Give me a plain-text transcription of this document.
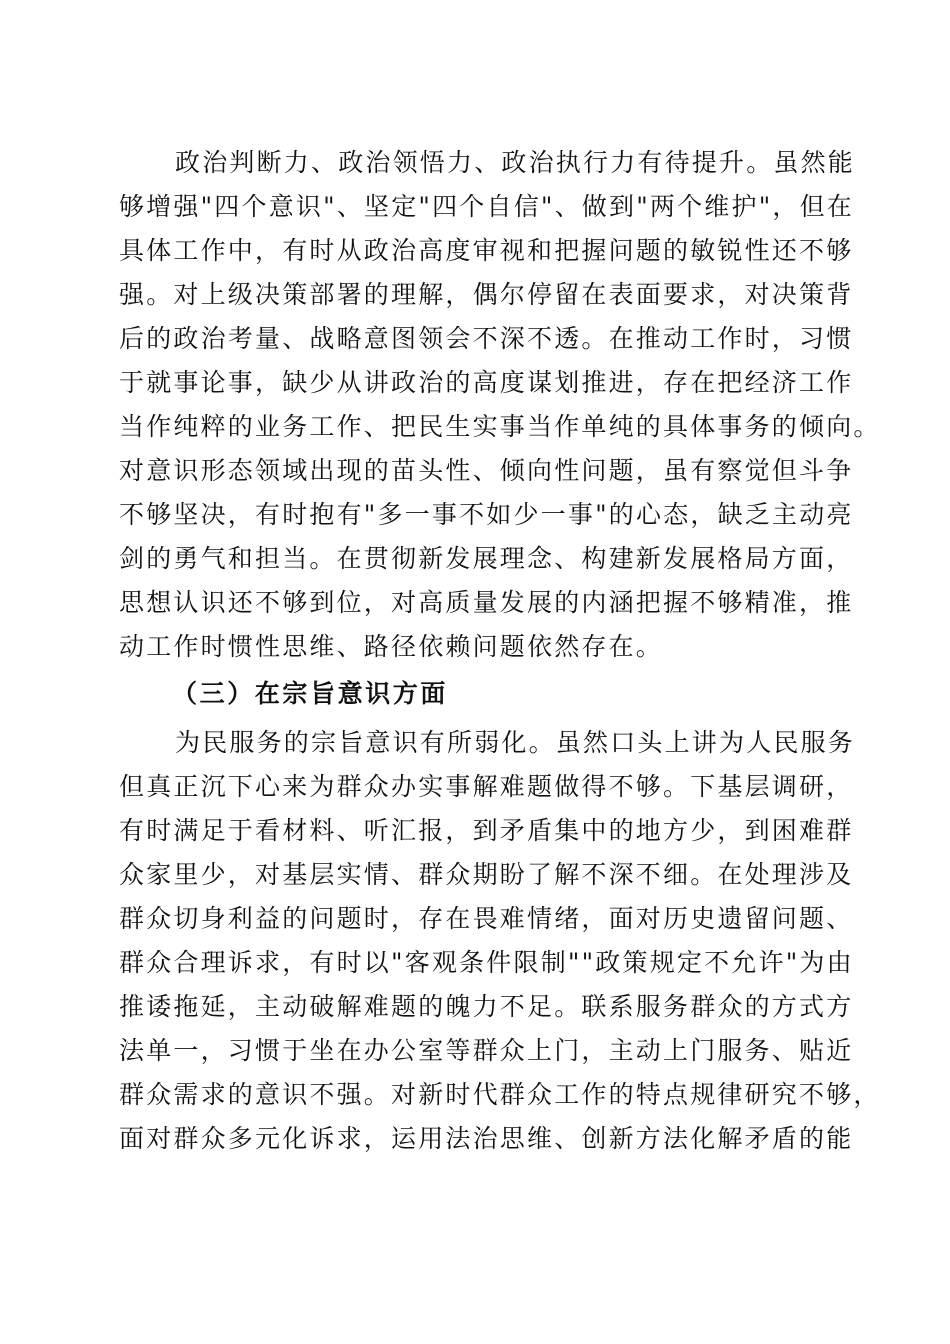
政治判断力、政治领悟力、政治执行力有待提升。虽然能
够增强"四个意识"、坚定"四个自信"、做到"两个维护"，但在
具体工作中，有时从政治高度审视和把握问题的敏锐性还不够
强。对上级决策部署的理解，偶尔停留在表面要求，对决策背
后的政治考量、战略意图领会不深不透。在推动工作时，习惯
于就事论事，缺少从讲政治的高度谋划推进，存在把经济工作
当作纯粹的业务工作、把民生实事当作单纯的具体事务的倾向。
对意识形态领域出现的苗头性、倾向性问题，虽有察觉但斗争
不够坚决，有时抱有"多一事不如少一事"的心态，缺乏主动亮
剑的勇气和担当。在贯彻新发展理念、构建新发展格局方面，
思想认识还不够到位，对高质量发展的内涵把握不够精准，推
动工作时惯性思维、路径依赖问题依然存在。
（三）在宗旨意识方面
为民服务的宗旨意识有所弱化。虽然口头上讲为人民服务
但真正沉下心来为群众办实事解难题做得不够。下基层调研，
有时满足于看材料、听汇报，到矛盾集中的地方少，到困难群
众家里少，对基层实情、群众期盼了解不深不细。在处理涉及
群众切身利益的问题时，存在畏难情绪，面对历史遗留问题、
群众合理诉求，有时以"客观条件限制""政策规定不允许"为由
推诿拖延，主动破解难题的魄力不足。联系服务群众的方式方
法单一，习惯于坐在办公室等群众上门，主动上门服务、贴近
群众需求的意识不强。对新时代群众工作的特点规律研究不够，
面对群众多元化诉求，运用法治思维、创新方法化解矛盾的能
